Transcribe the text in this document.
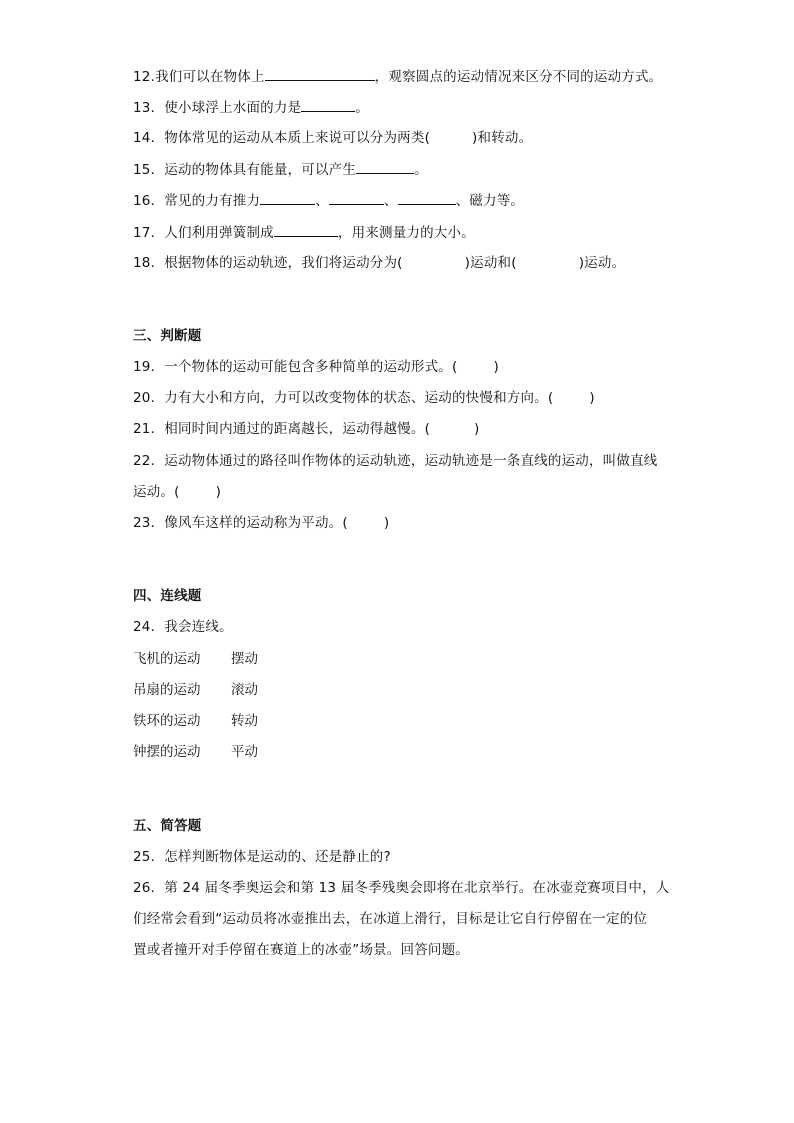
12.我们可以在物体上	，观察圆点的运动情况来区分不同的运动方式。
13．使小球浮上水面的力是	。
14．物体常见的运动从本质上来说可以分为两类(	)和转动。
15．运动的物体具有能量，可以产生	。
16．常见的力有推力	、	、	、磁力等。
17．人们利用弹簧制成	，用来测量力的大小。
18．根据物体的运动轨迹，我们将运动分为(	)运动和(	)运动。
三、判断题
19．一个物体的运动可能包含多种简单的运动形式。(	)
20．力有大小和方向，力可以改变物体的状态、运动的快慢和方向。(	)
21．相同时间内通过的距离越长，运动得越慢。(	)
22．运动物体通过的路径叫作物体的运动轨迹，运动轨迹是一条直线的运动，叫做直线
运动。(	)
23．像风车这样的运动称为平动。(	)
四、连线题
24．我会连线。
飞机的运动 摆动
吊扇的运动 滚动
铁环的运动 转动
钟摆的运动 平动
五、简答题
25．怎样判断物体是运动的、还是静止的?
26．第 24 届冬季奥运会和第 13 届冬季残奥会即将在北京举行。在冰壶竞赛项目中，人
们经常会看到“运动员将冰壶推出去，在冰道上滑行，目标是让它自行停留在一定的位
置或者撞开对手停留在赛道上的冰壶”场景。回答问题。
